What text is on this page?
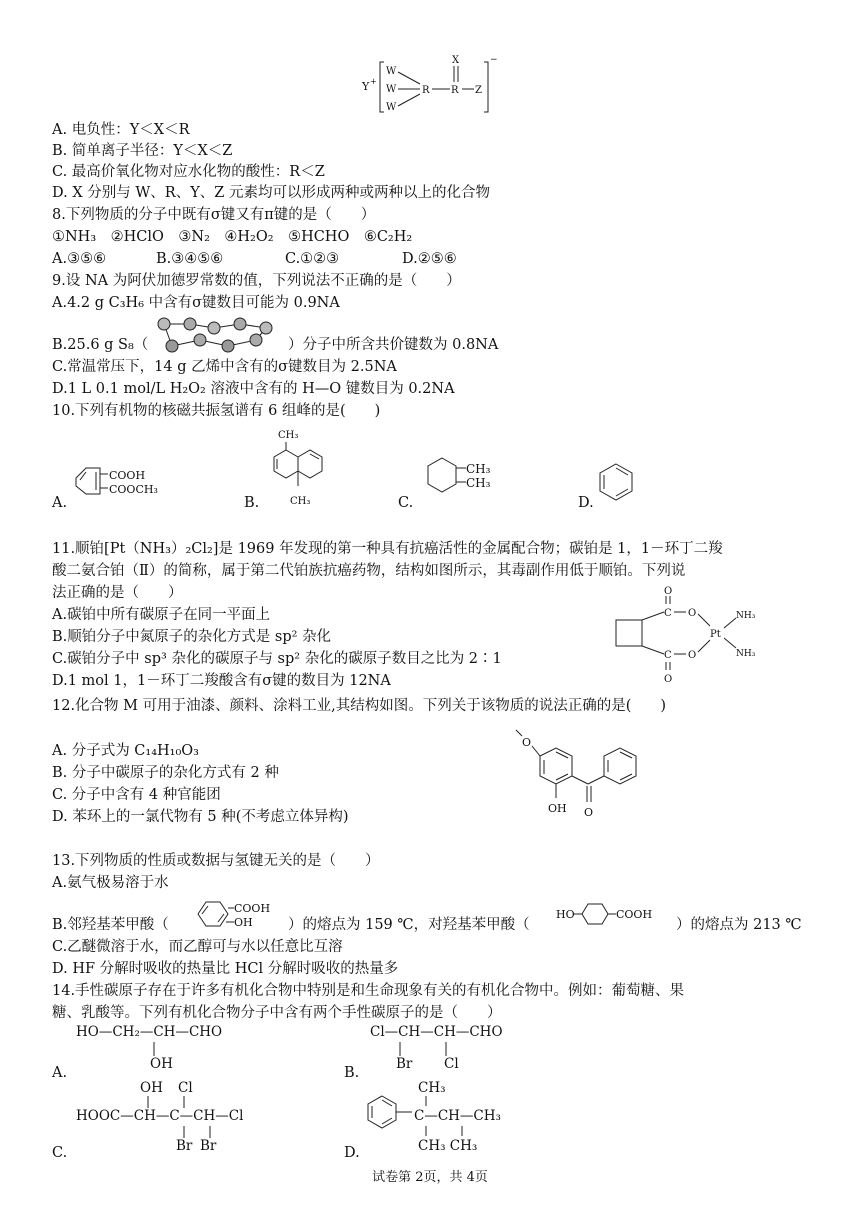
Y +
−
W
W
W
R R
X
Z
A. 电负性：Y＜X＜R
B. 简单离子半径：Y＜X＜Z
C. 最高价氧化物对应水化物的酸性：R＜Z
D. X 分别与 W、R、Y、Z 元素均可以形成两种或两种以上的化合物
8.下列物质的分子中既有σ键又有π键的是（　　）
①NH₃　②HClO　③N₂　④H₂O₂　⑤HCHO　⑥C₂H₂
A.③⑤⑥	B.③④⑤⑥	C.①②③	D.②⑤⑥
9.设 NA 为阿伏加德罗常数的值，下列说法不正确的是（　　）
A.4.2 g C₃H₆ 中含有σ键数目可能为 0.9NA
B.25.6 g S₈（	）分子中所含共价键数为 0.8NA
C.常温常压下，14 g 乙烯中含有的σ键数目为 2.5NA
D.1 L 0.1 mol/L H₂O₂ 溶液中含有的 H—O 键数目为 0.2NA
10.下列有机物的核磁共振氢谱有 6 组峰的是(　　)
A.
COOH
COOCH₃
B.
CH₃
CH₃	C.
CH₃
CH₃
D.
11.顺铂[Pt（NH₃）₂Cl₂]是 1969 年发现的第一种具有抗癌活性的金属配合物；碳铂是 1，1－环丁二羧
酸二氨合铂（Ⅱ）的简称，属于第二代铂族抗癌药物，结构如图所示，其毒副作用低于顺铂。下列说
法正确的是（　　）
A.碳铂中所有碳原子在同一平面上
B.顺铂分子中氮原子的杂化方式是 sp² 杂化
C.碳铂分子中 sp³ 杂化的碳原子与 sp² 杂化的碳原子数目之比为 2∶1
D.1 mol 1，1－环丁二羧酸含有σ键的数目为 12NA
C
C
O
O
O
O
Pt
NH₃
NH₃
12.化合物 M 可用于油漆、颜料、涂料工业,其结构如图。下列关于该物质的说法正确的是(　　)
A. 分子式为 C₁₄H₁₀O₃
B. 分子中碳原子的杂化方式有 2 种
C. 分子中含有 4 种官能团
D. 苯环上的一氯代物有 5 种(不考虑立体异构)
O
O
OH
13.下列物质的性质或数据与氢键无关的是（　　）
A.氨气极易溶于水
B.邻羟基苯甲酸（
COOH
OH ）的熔点为 159 ℃，对羟基苯甲酸（
HO	COOH
）的熔点为 213 ℃
C.乙醚微溶于水，而乙醇可与水以任意比互溶
D. HF 分解时吸收的热量比 HCl 分解时吸收的热量多
14.手性碳原子存在于许多有机化合物中特别是和生命现象有关的有机化合物中。例如：葡萄糖、果
糖、乳酸等。下列有机化合物分子中含有两个手性碳原子的是（　　）
HO—CH₂—CH—CHO
OH
A.
Cl—CH—CH—CHO
Br Cl
B.
OH Cl
HOOC—CH—C—CH—Cl
Br Br
C.
CH₃
C—CH—CH₃
CH₃ CH₃
D.
试卷第 2页，共 4页
